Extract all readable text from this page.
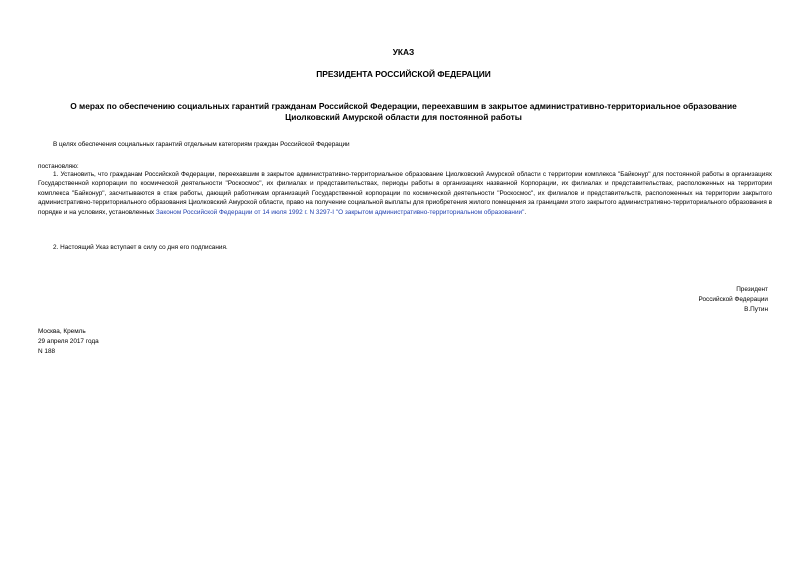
УКАЗ
ПРЕЗИДЕНТА РОССИЙСКОЙ ФЕДЕРАЦИИ
О мерах по обеспечению социальных гарантий гражданам Российской Федерации, переехавшим в закрытое административно-территориальное образование
Циолковский Амурской области для постоянной работы
В целях обеспечения социальных гарантий отдельным категориям граждан Российской Федерации
постановляю:
1. Установить, что гражданам Российской Федерации, переехавшим в закрытое административно-территориальное образование Циолковский Амурской области с территории комплекса "Байконур" для постоянной работы в организациях Государственной корпорации по космической деятельности "Роскосмос", их филиалах и представительствах, периоды работы в организациях названной Корпорации, их филиалах и представительствах, расположенных на территории комплекса "Байконур", засчитываются в стаж работы, дающий работникам организаций Государственной корпорации по космической деятельности "Роскосмос", их филиалов и представительств, расположенных на территории закрытого административно-территориального образования Циолковский Амурской области, право на получение социальной выплаты для приобретения жилого помещения за границами этого закрытого административно-территориального образования в порядке и на условиях, установленных Законом Российской Федерации от 14 июля 1992 г. N 3297-I "О закрытом административно-территориальном образовании".
2. Настоящий Указ вступает в силу со дня его подписания.
Президент
Российской Федерации
В.Путин
Москва, Кремль
29 апреля 2017 года
N 188
